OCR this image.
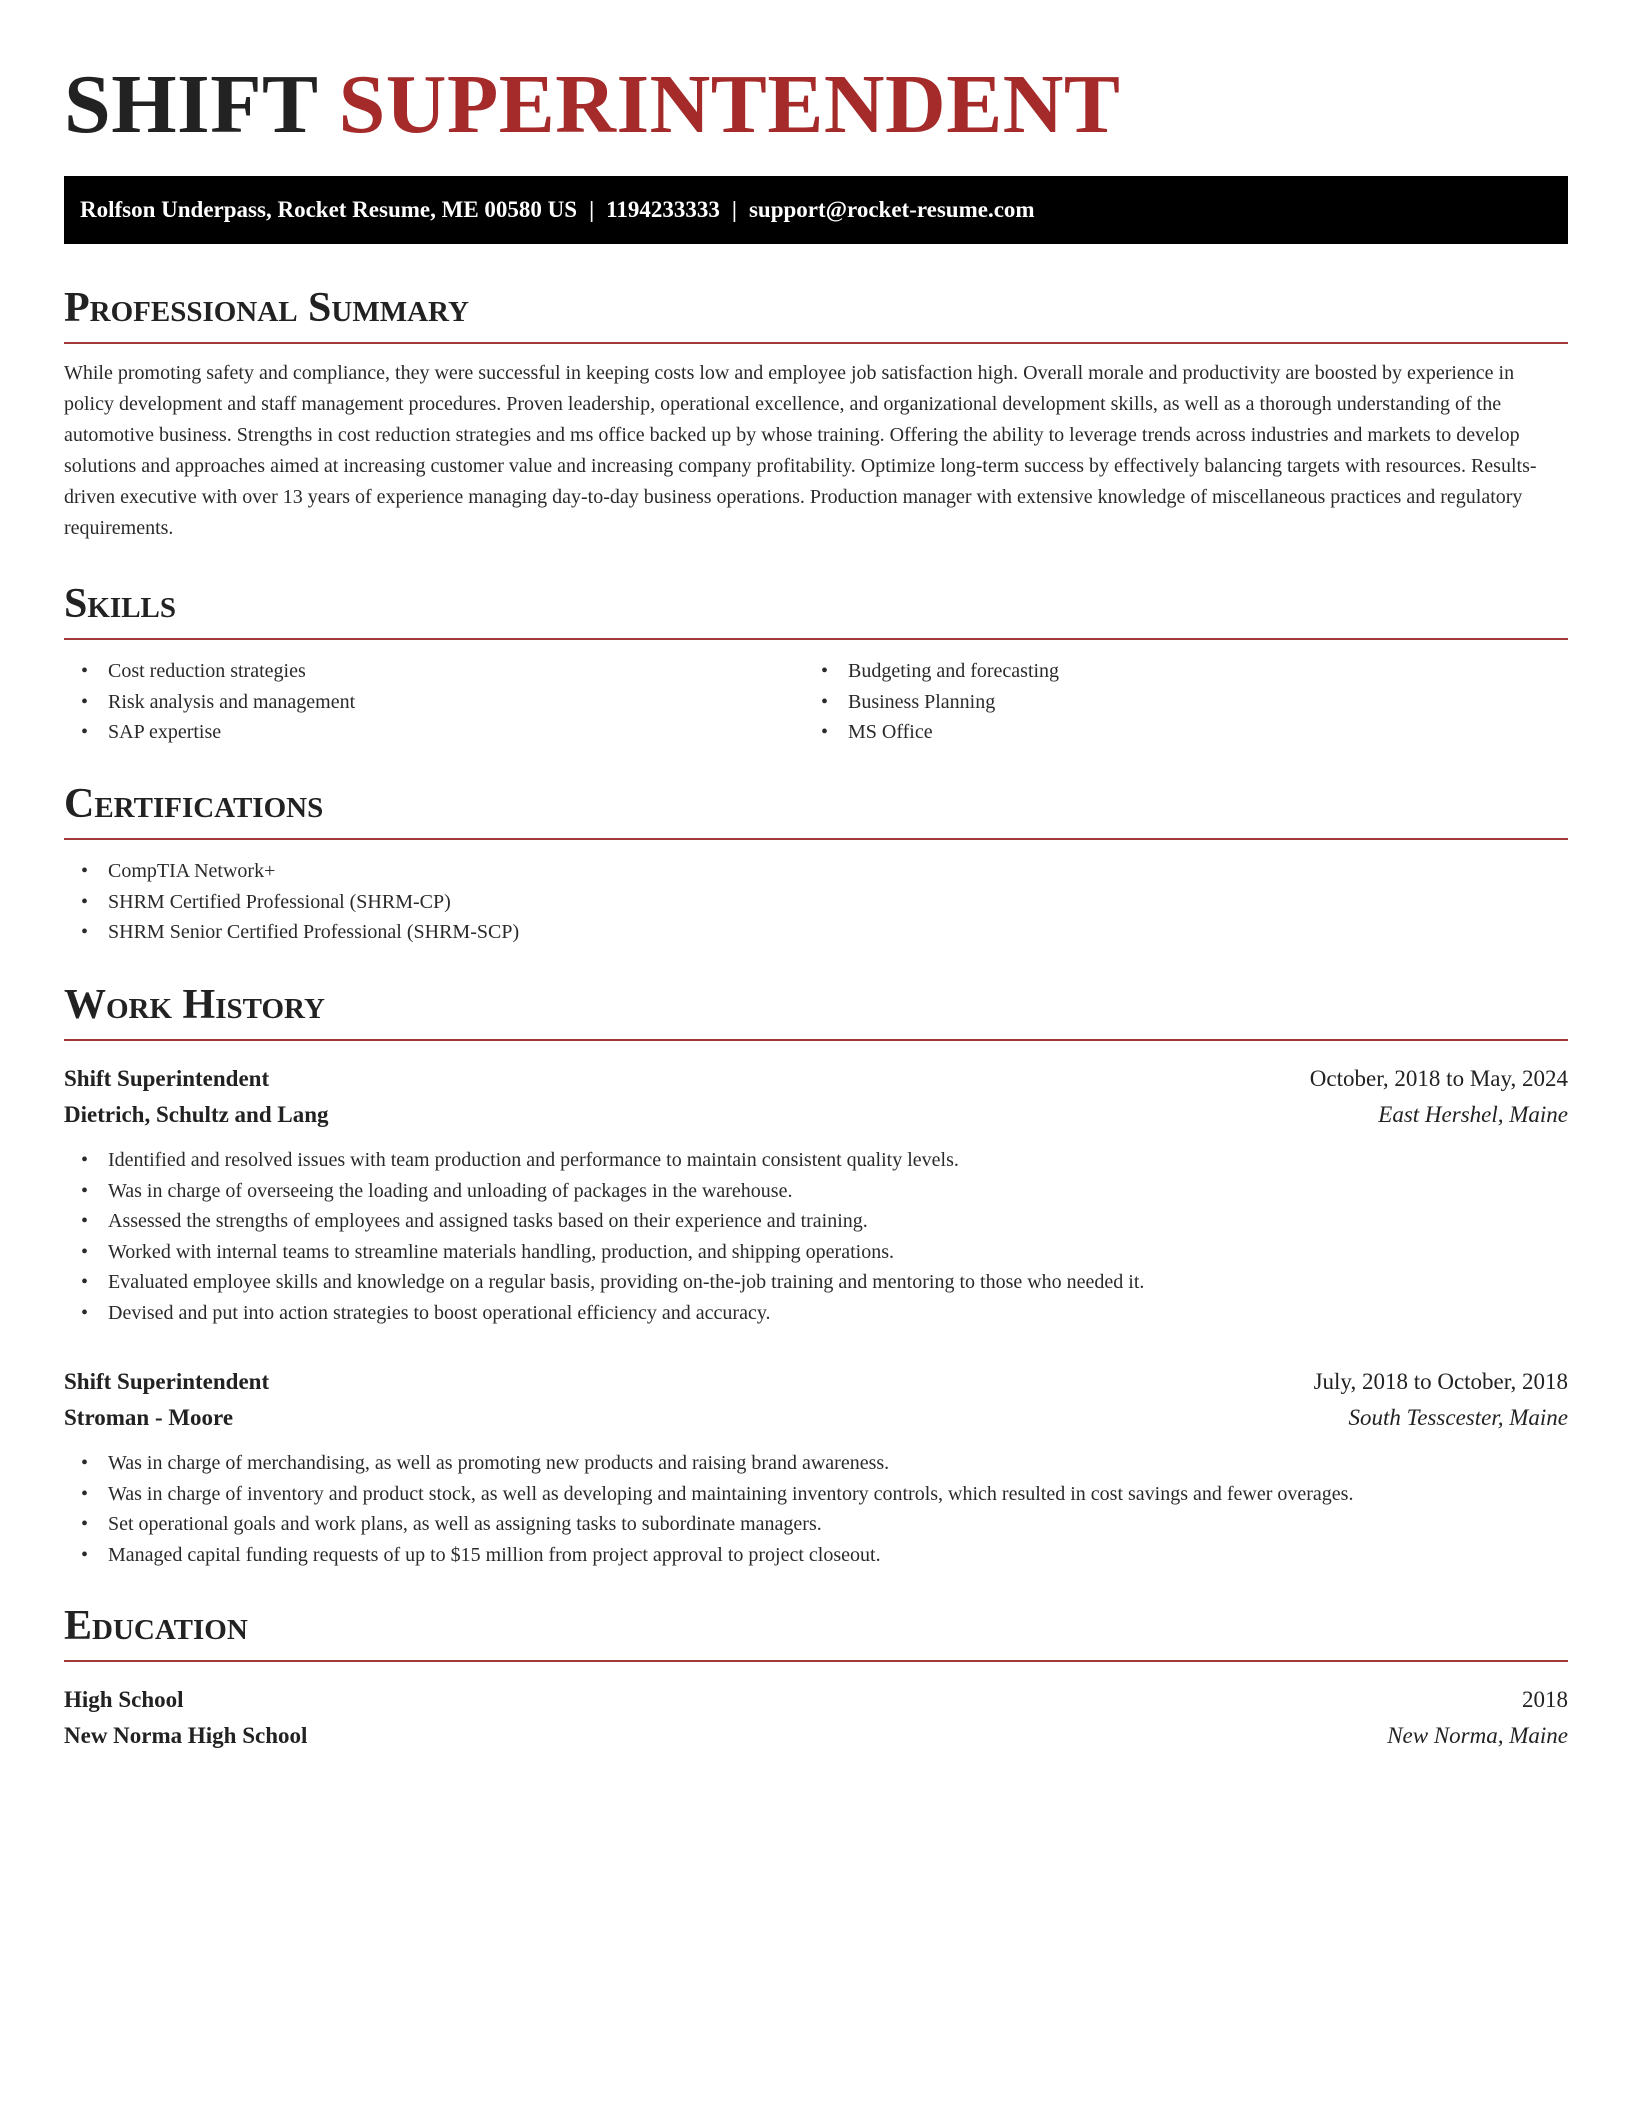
SHIFT SUPERINTENDENT
Rolfson Underpass, Rocket Resume, ME 00580 US | 1194233333 | support@rocket-resume.com
Professional Summary

While promoting safety and compliance, they were successful in keeping costs low and employee job satisfaction high. Overall morale and productivity are boosted by experience in policy development and staff management procedures. Proven leadership, operational excellence, and organizational development skills, as well as a thorough understanding of the automotive business. Strengths in cost reduction strategies and ms office backed up by whose training. Offering the ability to leverage trends across industries and markets to develop solutions and approaches aimed at increasing customer value and increasing company profitability. Optimize long-term success by effectively balancing targets with resources. Results-driven executive with over 13 years of experience managing day-to-day business operations. Production manager with extensive knowledge of miscellaneous practices and regulatory requirements.

Skills
• Cost reduction strategies
• Risk analysis and management
• SAP expertise
• Budgeting and forecasting
• Business Planning
• MS Office
Certifications
• CompTIA Network+
• SHRM Certified Professional (SHRM-CP)
• SHRM Senior Certified Professional (SHRM-SCP)
Work History
Shift Superintendent	October, 2018 to May, 2024
Dietrich, Schultz and Lang	East Hershel, Maine
• Identified and resolved issues with team production and performance to maintain consistent quality levels.
• Was in charge of overseeing the loading and unloading of packages in the warehouse.
• Assessed the strengths of employees and assigned tasks based on their experience and training.
• Worked with internal teams to streamline materials handling, production, and shipping operations.
• Evaluated employee skills and knowledge on a regular basis, providing on-the-job training and mentoring to those who needed it.
• Devised and put into action strategies to boost operational efficiency and accuracy.
Shift Superintendent	July, 2018 to October, 2018
Stroman - Moore	South Tesscester, Maine
• Was in charge of merchandising, as well as promoting new products and raising brand awareness.
• Was in charge of inventory and product stock, as well as developing and maintaining inventory controls, which resulted in cost savings and fewer overages.
• Set operational goals and work plans, as well as assigning tasks to subordinate managers.
• Managed capital funding requests of up to $15 million from project approval to project closeout.
Education
High School	2018
New Norma High School	New Norma, Maine
